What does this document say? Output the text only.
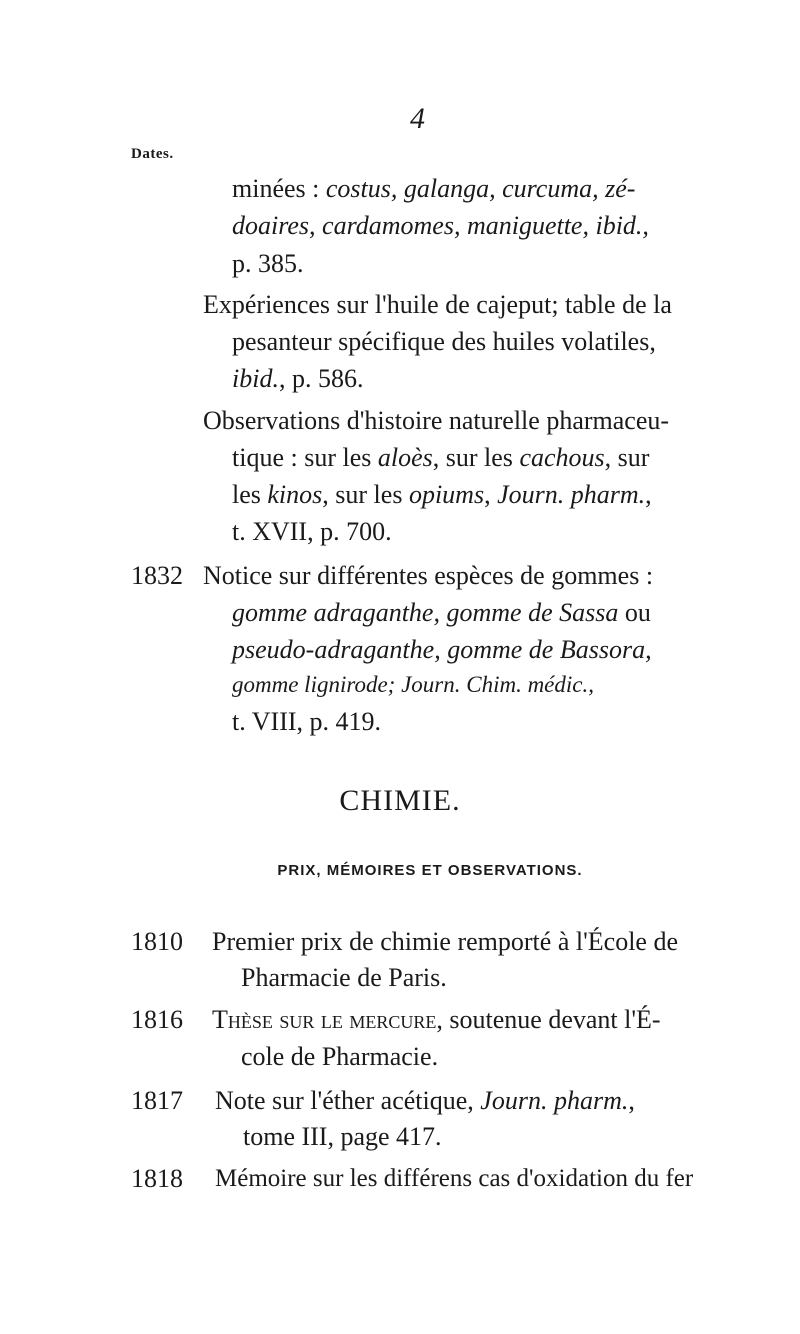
4
Dates.
minées : costus, galanga, curcuma, zé-
doaires, cardamomes, maniguette, ibid.,
p. 385.
Expériences sur l'huile de cajeput; table de la
pesanteur spécifique des huiles volatiles,
ibid., p. 586.
Observations d'histoire naturelle pharmaceu-
tique : sur les aloès, sur les cachous, sur
les kinos, sur les opiums, Journ. pharm.,
t. XVII, p. 700.
1832 Notice sur différentes espèces de gommes :
gomme adraganthe, gomme de Sassa ou
pseudo-adraganthe, gomme de Bassora,
gomme lignirode; Journ. Chim. médic.,
t. VIII, p. 419.
CHIMIE.
PRIX, MÉMOIRES ET OBSERVATIONS.
1810 Premier prix de chimie remporté à l'École de
Pharmacie de Paris.
1816 Thèse sur le mercure, soutenue devant l'É-
cole de Pharmacie.
1817 Note sur l'éther acétique, Journ. pharm.,
tome III, page 417.
1818 Mémoire sur les différens cas d'oxidation du fer
